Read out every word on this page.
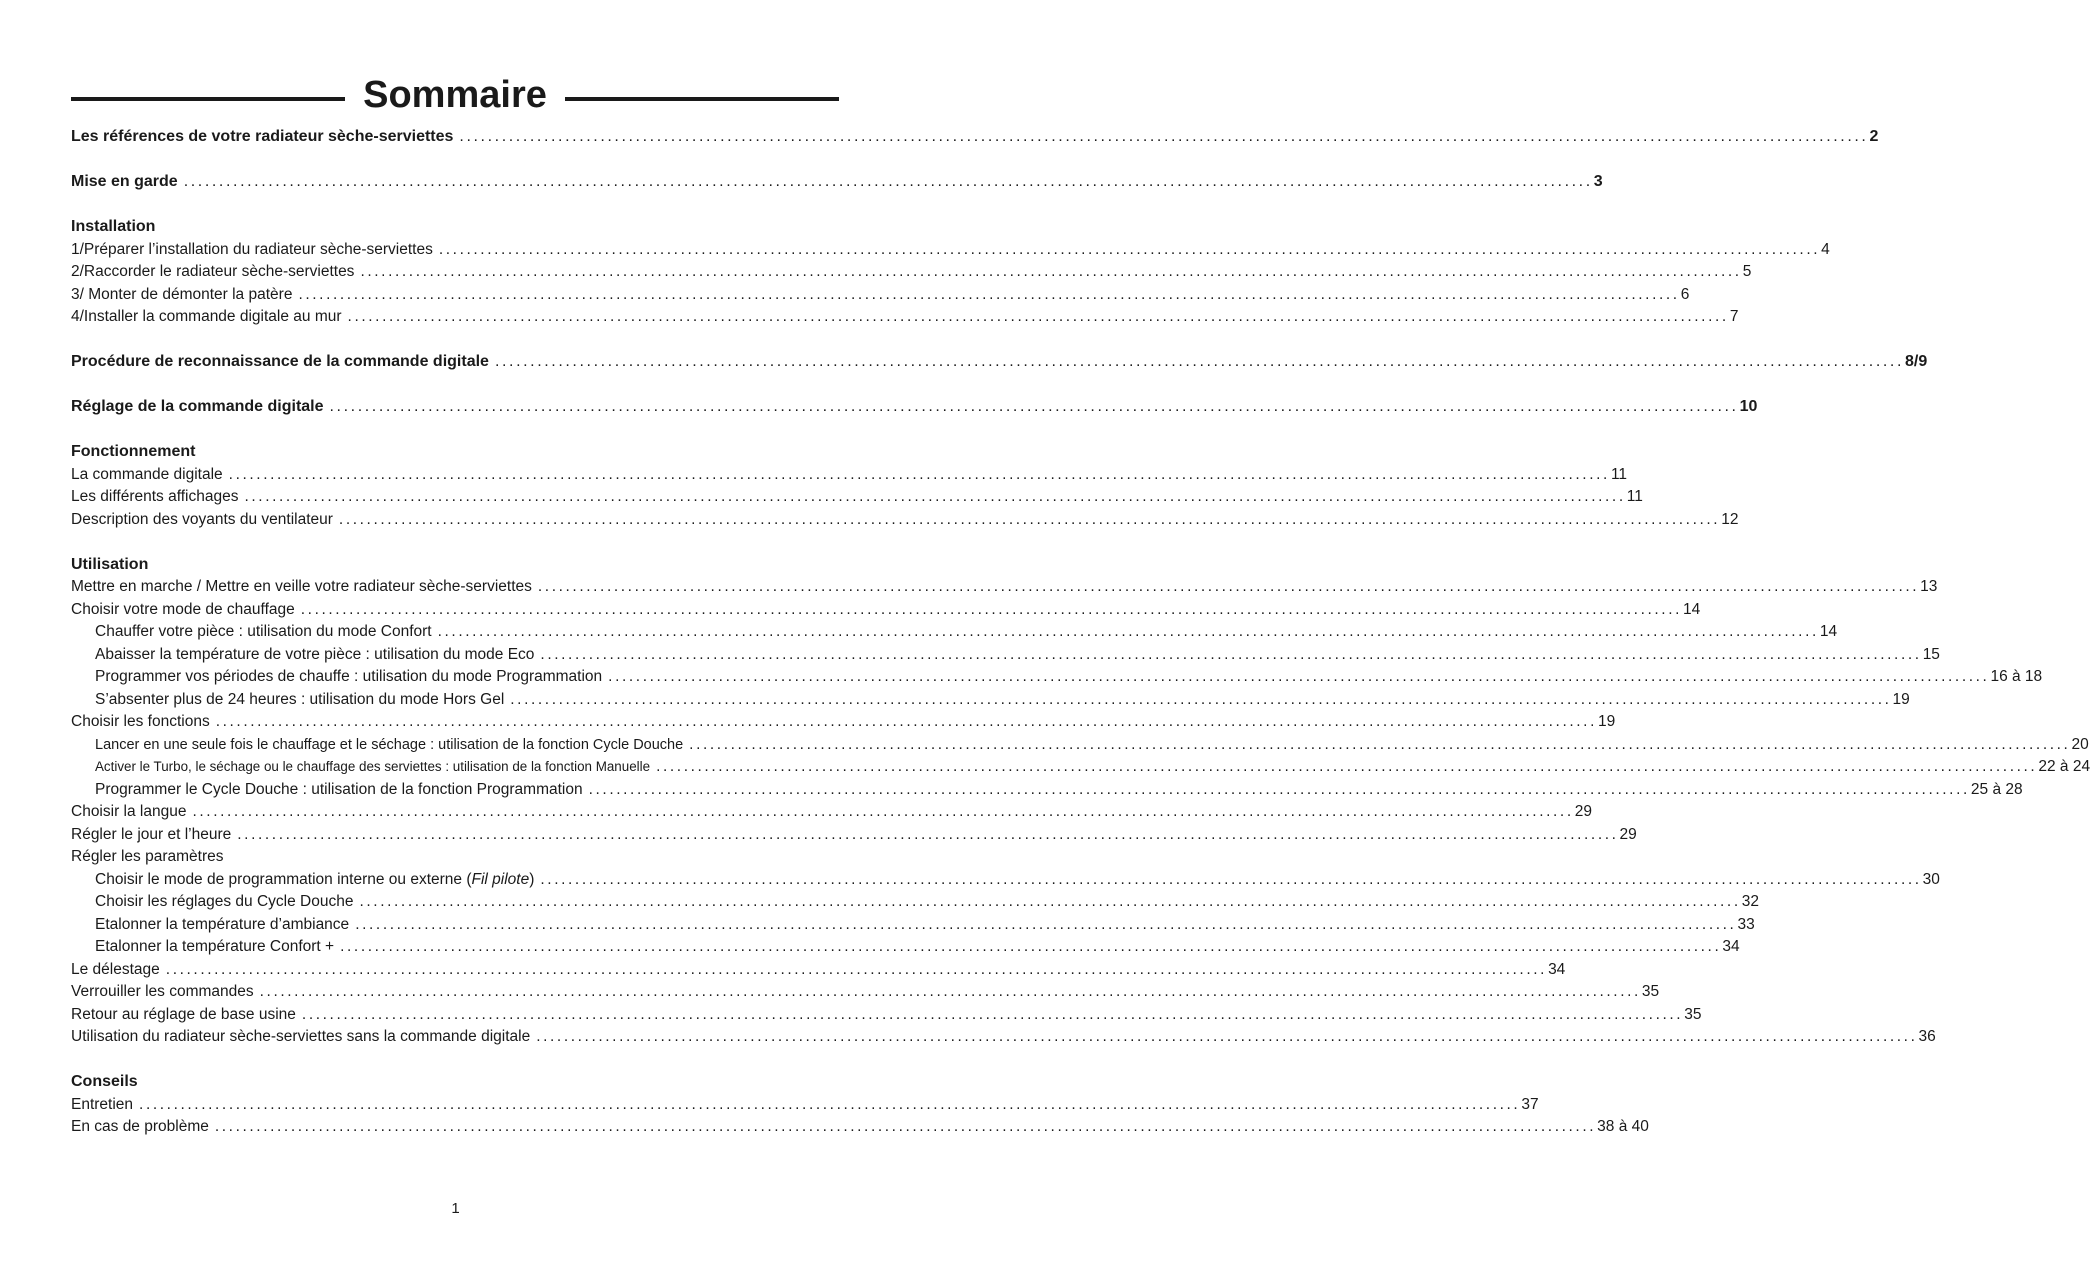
Sommaire
Les références de votre radiateur sèche-serviettes ........................................................................................................................................................................................................ 2
Mise en garde ........................................................................................................................................................................................................ 3
Installation
1/Préparer l’installation du radiateur sèche-serviettes ........................................................................................................................................................................................................ 4
2/Raccorder le radiateur sèche-serviettes ........................................................................................................................................................................................................ 5
3/ Monter de démonter la patère ........................................................................................................................................................................................................ 6
4/Installer la commande digitale au mur ........................................................................................................................................................................................................ 7
Procédure de reconnaissance de la commande digitale ........................................................................................................................................................................................................ 8/9
Réglage de la commande digitale ........................................................................................................................................................................................................ 10
Fonctionnement
La commande digitale ........................................................................................................................................................................................................ 11
Les différents affichages ........................................................................................................................................................................................................ 11
Description des voyants du ventilateur ........................................................................................................................................................................................................ 12
Utilisation
Mettre en marche / Mettre en veille votre radiateur sèche-serviettes ........................................................................................................................................................................................................ 13
Choisir votre mode de chauffage ........................................................................................................................................................................................................ 14
Chauffer votre pièce : utilisation du mode Confort ........................................................................................................................................................................................................ 14
Abaisser la température de votre pièce : utilisation du mode Eco ........................................................................................................................................................................................................ 15
Programmer vos périodes de chauffe : utilisation du mode Programmation ........................................................................................................................................................................................................ 16 à 18
S’absenter plus de 24 heures : utilisation du mode Hors Gel ........................................................................................................................................................................................................ 19
Choisir les fonctions ........................................................................................................................................................................................................ 19
Lancer en une seule fois le chauffage et le séchage : utilisation de la fonction Cycle Douche ........................................................................................................................................................................................................ 20
Activer le Turbo, le séchage ou le chauffage des serviettes : utilisation de la fonction Manuelle ........................................................................................................................................................................................................ 22 à 24
Programmer le Cycle Douche : utilisation de la fonction Programmation ........................................................................................................................................................................................................ 25 à 28
Choisir la langue ........................................................................................................................................................................................................ 29
Régler le jour et l’heure ........................................................................................................................................................................................................ 29
Régler les paramètres
Choisir le mode de programmation interne ou externe (Fil pilote) ........................................................................................................................................................................................................ 30
Choisir les réglages du Cycle Douche ........................................................................................................................................................................................................ 32
Etalonner la température d’ambiance ........................................................................................................................................................................................................ 33
Etalonner la température Confort + ........................................................................................................................................................................................................ 34
Le délestage ........................................................................................................................................................................................................ 34
Verrouiller les commandes ........................................................................................................................................................................................................ 35
Retour au réglage de base usine ........................................................................................................................................................................................................ 35
Utilisation du radiateur sèche-serviettes sans la commande digitale ........................................................................................................................................................................................................ 36
Conseils
Entretien ........................................................................................................................................................................................................ 37
En cas de problème ........................................................................................................................................................................................................ 38 à 40
1
